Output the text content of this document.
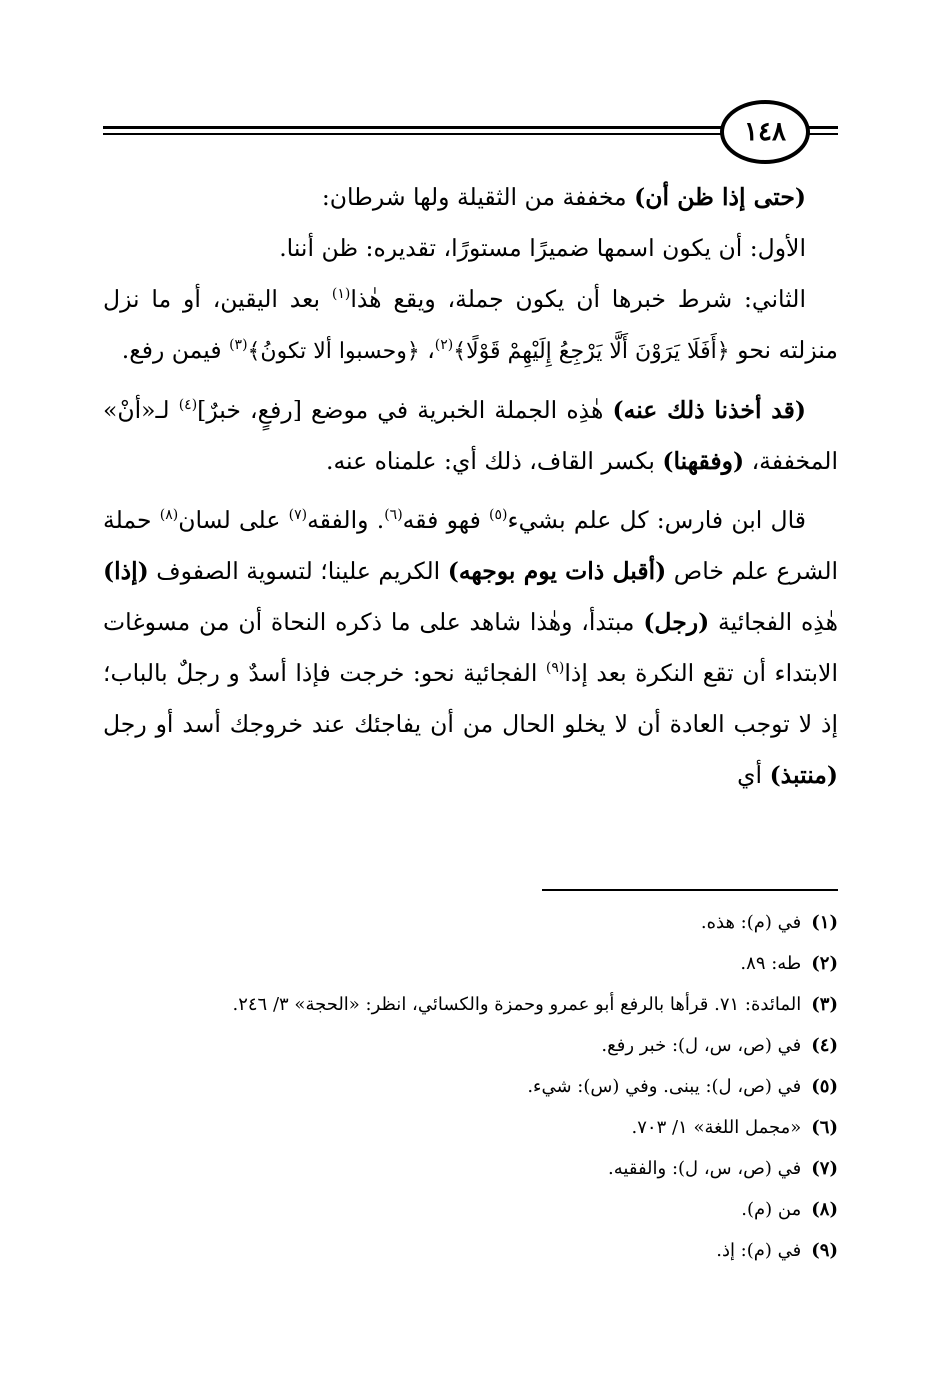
١٤٨

(حتى إذا ظن أن) مخففة من الثقيلة ولها شرطان:

الأول: أن يكون اسمها ضميرًا مستورًا، تقديره: ظن أننا.

الثاني: شرط خبرها أن يكون جملة، ويقع هٰذا$^{(١)}$ بعد اليقين، أو ما نزل منزلته نحو ﴿أَفَلَا يَرَوْنَ أَلَّا يَرْجِعُ إِلَيْهِمْ قَوْلًا﴾$^{(٢)}$، ﴿وحسبوا ألا تكونُ﴾$^{(٣)}$ فيمن رفع.

(قد أخذنا ذلك عنه) هٰذِه الجملة الخبرية في موضع [رفعٍ، خبرٌ]$^{(٤)}$ لـ«أنْ» المخففة، (وفقهنا) بكسر القاف، ذلك أي: علمناه عنه.

قال ابن فارس: كل علم بشيء$^{(٥)}$ فهو فقه$^{(٦)}$. والفقه$^{(٧)}$ على لسان$^{(٨)}$ حملة الشرع علم خاص (أقبل ذات يوم بوجهه) الكريم علينا؛ لتسوية الصفوف (إذا) هٰذِه الفجائية (رجل) مبتدأ، وهٰذا شاهد على ما ذكره النحاة أن من مسوغات الابتداء أن تقع النكرة بعد إذا$^{(٩)}$ الفجائية نحو: خرجت فإذا أسدٌ و رجلٌ بالباب؛ إذ لا توجب العادة أن لا يخلو الحال من أن يفاجئك عند خروجك أسد أو رجل (منتبذ) أي

(١)
في (م): هذه.
(٢)
طه: ٨٩.
(٣)
المائدة: ٧١. قرأها بالرفع أبو عمرو وحمزة والكسائي، انظر: «الحجة» ٣/ ٢٤٦.
(٤)
في (ص، س، ل): خبر رفع.
(٥)
في (ص، ل): يبنى. وفي (س): شيء.
(٦)
«مجمل اللغة» ١/ ٧٠٣.
(٧)
في (ص، س، ل): والفقيه.
(٨)
من (م).
(٩)
في (م): إذ.
